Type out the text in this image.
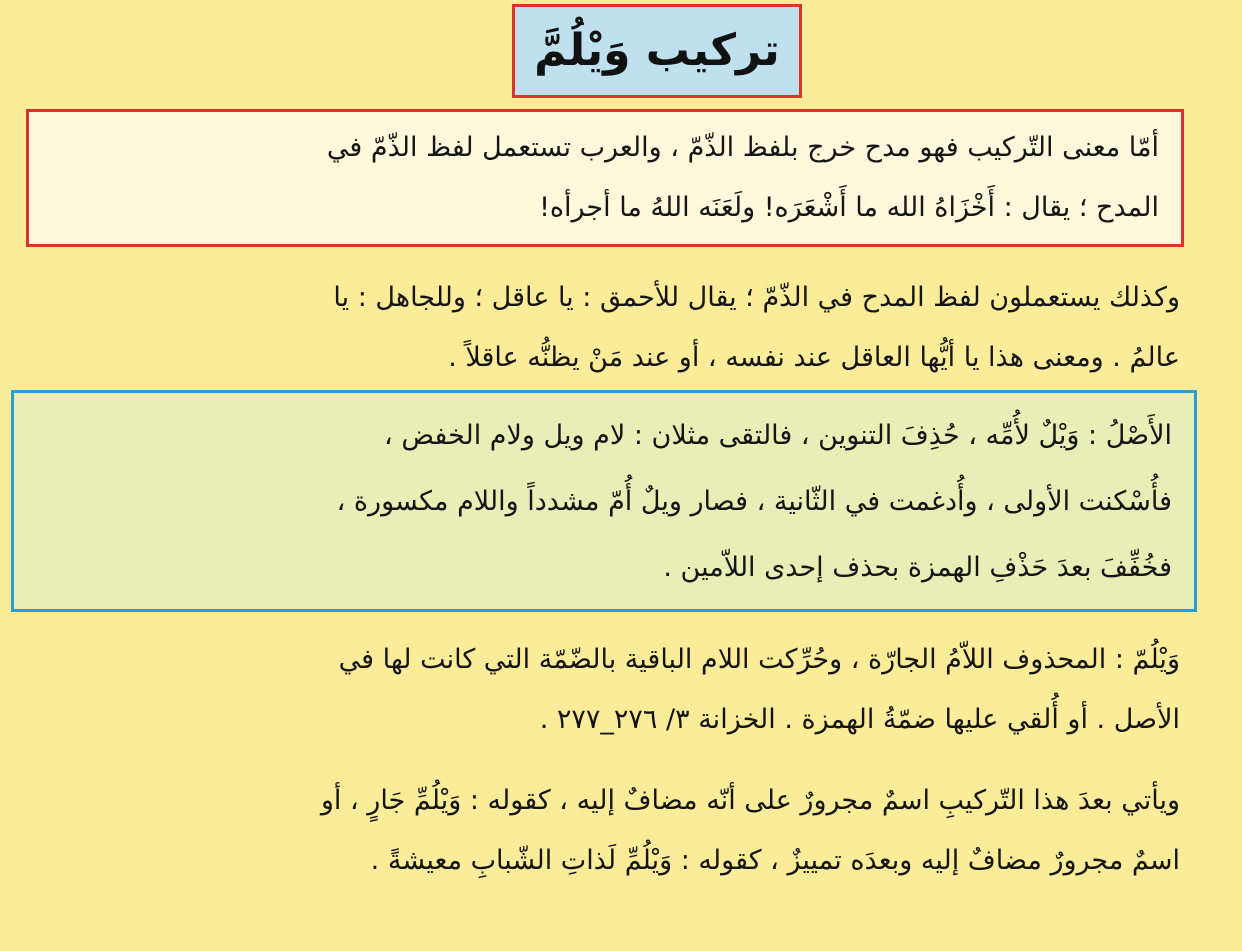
تركيب وَيْلُمَّ
أمّا معنى التّركيب فهو مدح خرج بلفظ الذّمّ ، والعرب تستعمل لفظ الذّمّ في
المدح ؛ يقال : أَخْزَاهُ الله ما أَشْعَرَه! ولَعَنَه اللهُ ما أجرأه!
وكذلك يستعملون لفظ المدح في الذّمّ ؛ يقال للأحمق : يا عاقل ؛ وللجاهل : يا
عالمُ . ومعنى هذا يا أيُّها العاقل عند نفسه ، أو عند مَنْ يظنُّه عاقلاً .
الأَصْلُ : وَيْلٌ لأُمِّه ، حُذِفَ التنوين ، فالتقى مثلان : لام ويل ولام الخفض ،
فأُسْكنت الأولى ، وأُدغمت في الثّانية ، فصار ويلٌ أُمّ مشدداً واللام مكسورة ،
فخُفِّفَ بعدَ حَذْفِ الهمزة بحذف إحدى اللاّمين .
وَيْلُمّ : المحذوف اللاّمُ الجارّة ، وحُرِّكت اللام الباقية بالضّمّة التي كانت لها في
الأصل . أو أُلقي عليها ضمّةُ الهمزة . الخزانة ٣/ ٢٧٦_٢٧٧ .
ويأتي بعدَ هذا التّركيبِ اسمٌ مجرورٌ على أنّه مضافٌ إليه ، كقوله : وَيْلُمِّ جَارٍ ، أو
اسمٌ مجرورٌ مضافٌ إليه وبعدَه تمييزٌ ، كقوله : وَيْلُمِّ لَذاتِ الشّبابِ معيشةً .
